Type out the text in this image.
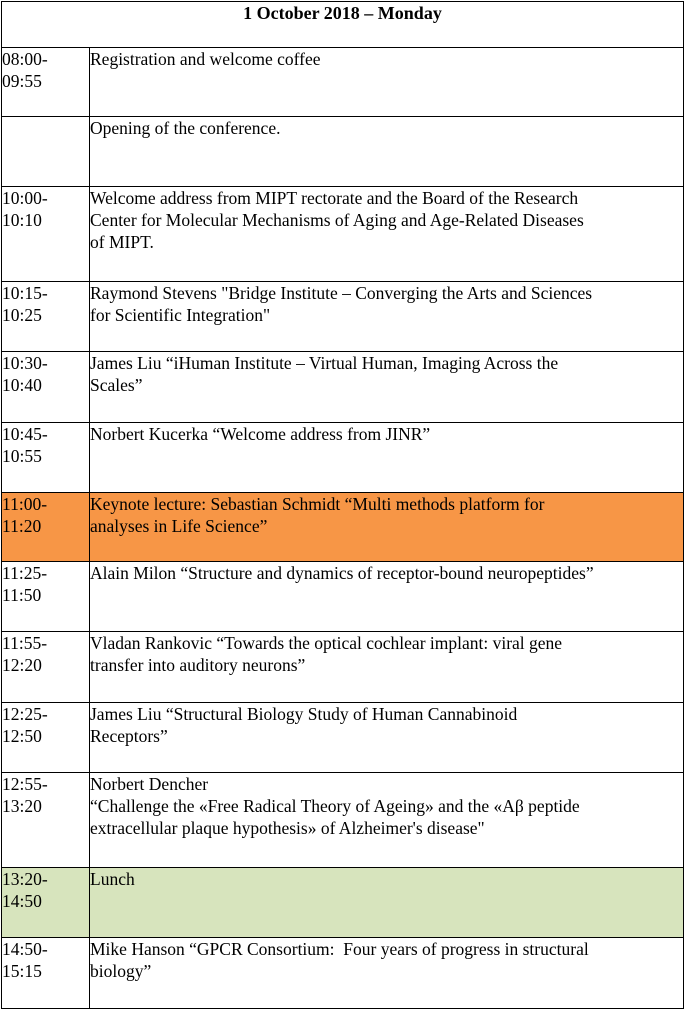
1 October 2018 – Monday	

08:00-
09:55	Registration and welcome coffee

	Opening of the conference.

10:00-
10:10	Welcome address from MIPT rectorate and the Board of the Research
Center for Molecular Mechanisms of Aging and Age-Related Diseases
of MIPT.

10:15-
10:25	Raymond Stevens "Bridge Institute – Converging the Arts and Sciences
for Scientific Integration"

10:30-
10:40	James Liu “iHuman Institute – Virtual Human, Imaging Across the
Scales”

10:45-
10:55	Norbert Kucerka “Welcome address from JINR”

11:00-
11:20	Keynote lecture: Sebastian Schmidt “Multi methods platform for
analyses in Life Science”

11:25-
11:50	Alain Milon “Structure and dynamics of receptor-bound neuropeptides”

11:55-
12:20	Vladan Rankovic “Towards the optical cochlear implant: viral gene
transfer into auditory neurons”

12:25-
12:50	James Liu “Structural Biology Study of Human Cannabinoid
Receptors”

12:55-
13:20	Norbert Dencher
“Challenge the «Free Radical Theory of Ageing» and the «Aβ peptide
extracellular plaque hypothesis» of Alzheimer's disease"

13:20-
14:50	Lunch

14:50-
15:15	Mike Hanson “GPCR Consortium:  Four years of progress in structural
biology”
